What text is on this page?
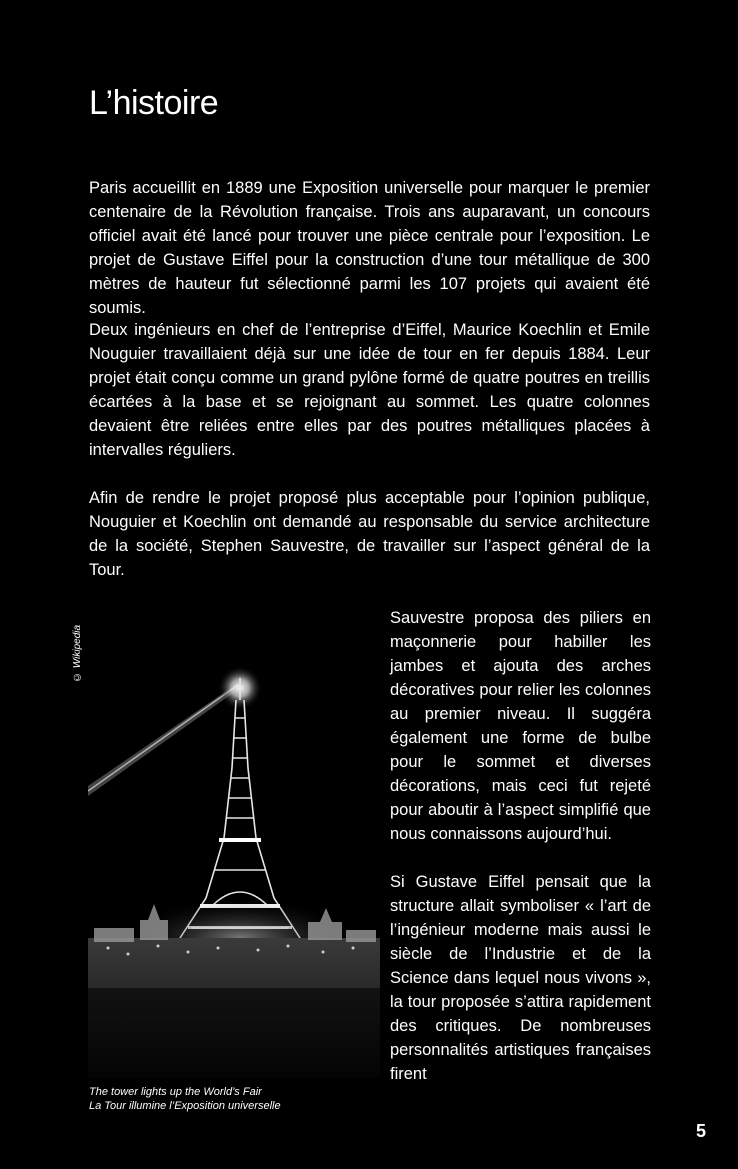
L’histoire

Paris accueillit en 1889 une Exposition universelle pour marquer le premier centenaire de la Révolution française. Trois ans auparavant, un concours officiel avait été lancé pour trouver une pièce centrale pour l’exposition. Le projet de Gustave Eiffel pour la construction d’une tour métallique de 300 mètres de hauteur fut sélectionné parmi les 107 projets qui avaient été soumis.

Deux ingénieurs en chef de l’entreprise d’Eiffel, Maurice Koechlin et Emile Nouguier travaillaient déjà sur une idée de tour en fer depuis 1884. Leur projet était conçu comme un grand pylône formé de quatre poutres en treillis écartées à la base et se rejoignant au sommet. Les quatre colonnes devaient être reliées entre elles par des poutres métalliques placées à intervalles réguliers.

Afin de rendre le projet proposé plus acceptable pour l’opinion publique, Nouguier et Koechlin ont demandé au responsable du service architecture de la société, Stephen Sauvestre, de travailler sur l’aspect général de la Tour.

© Wikipedia

Sauvestre proposa des piliers en maçonnerie pour habiller les jambes et ajouta des arches décoratives pour relier les colonnes au premier niveau. Il suggéra également une forme de bulbe pour le sommet et diverses décorations, mais ceci fut rejeté pour aboutir à l’aspect simplifié que nous connaissons aujourd’hui.

Si Gustave Eiffel pensait que la structure allait symboliser « l’art de l’ingénieur moderne mais aussi le siècle de l’Industrie et de la Science dans lequel nous vivons », la tour proposée s’attira rapidement des critiques. De nombreuses personnalités artistiques françaises firent

The tower lights up the World’s Fair
La Tour illumine l’Exposition universelle
5
